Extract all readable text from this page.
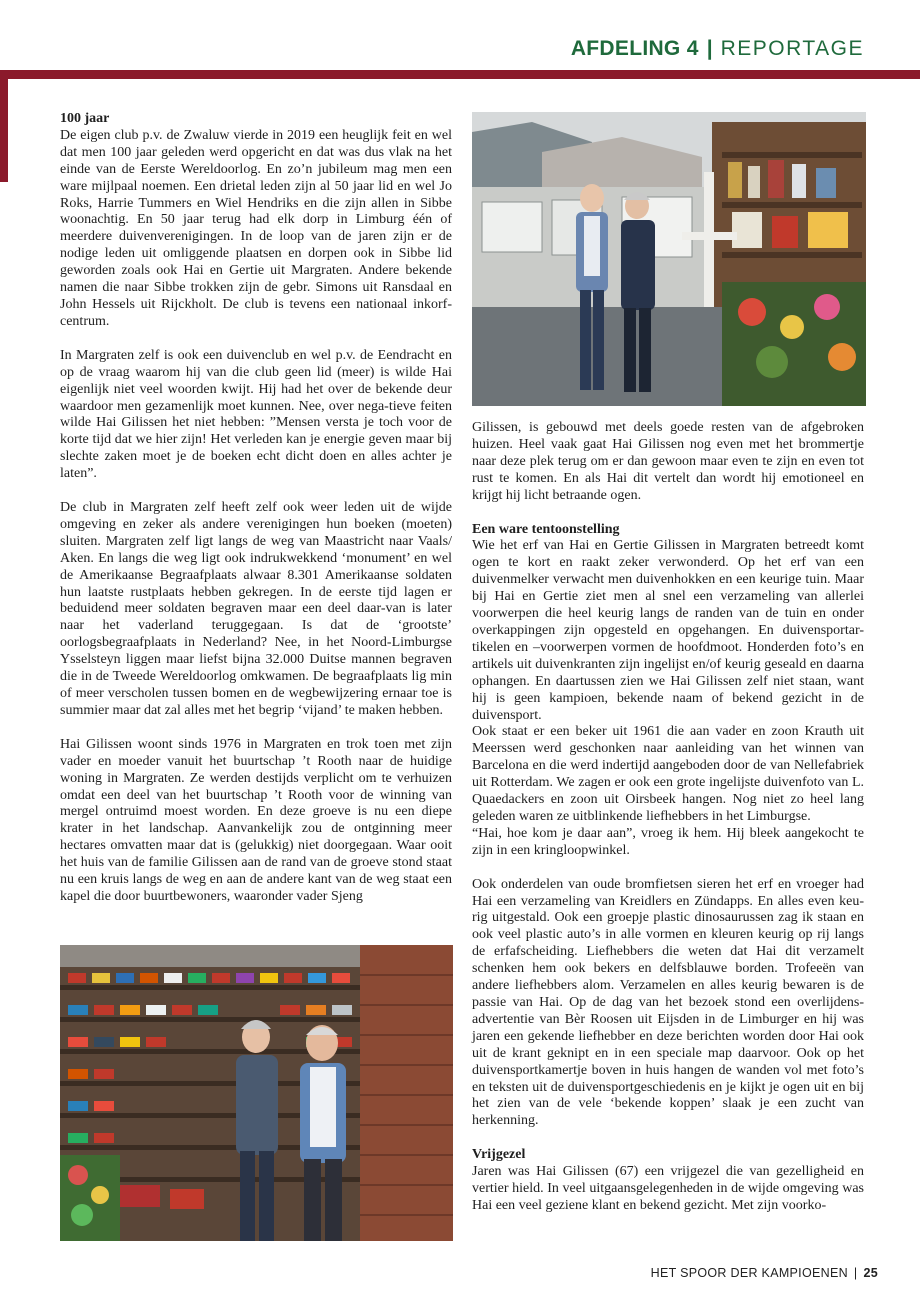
AFDELING 4 | REPORTAGE

100 jaar

De eigen club p.v. de Zwaluw vierde in 2019 een heuglijk feit en wel dat men 100 jaar geleden werd opgericht en dat was dus vlak na het einde van de Eerste Wereldoorlog. En zo’n jubileum mag men een ware mijlpaal noemen. Een drietal leden zijn al 50 jaar lid en wel Jo Roks, Harrie Tummers en Wiel Hendriks en die zijn allen in Sibbe woonachtig. En 50 jaar terug had elk dorp in Limburg één of meerdere duivenverenigingen. In de loop van de jaren zijn er de nodige leden uit omliggende plaatsen en dorpen ook in Sibbe lid geworden zoals ook Hai en Gertie uit Margraten. Andere bekende namen die naar Sibbe trokken zijn de gebr. Simons uit Ransdaal en John Hessels uit Rijckholt. De club is tevens een nationaal inkorf-centrum.

In Margraten zelf is ook een duivenclub en wel p.v. de Eendracht en op de vraag waarom hij van die club geen lid (meer) is wilde Hai eigenlijk niet veel woorden kwijt. Hij had het over de bekende deur waardoor men gezamenlijk moet kunnen. Nee, over nega-tieve feiten wilde Hai Gilissen het niet hebben: ”Mensen versta je toch voor de korte tijd dat we hier zijn! Het verleden kan je energie geven maar bij slechte zaken moet je de boeken echt dicht doen en alles achter je laten”.

De club in Margraten zelf heeft zelf ook weer leden uit de wijde omgeving en zeker als andere verenigingen hun boeken (moeten) sluiten. Margraten zelf ligt langs de weg van Maastricht naar Vaals/ Aken. En langs die weg ligt ook indrukwekkend ‘monument’ en wel de Amerikaanse Begraafplaats alwaar 8.301 Amerikaanse soldaten hun laatste rustplaats hebben gekregen. In de eerste tijd lagen er beduidend meer soldaten begraven maar een deel daar-van is later naar het vaderland teruggegaan. Is dat de ‘grootste’ oorlogsbegraafplaats in Nederland? Nee, in het Noord-Limburgse Ysselsteyn liggen maar liefst bijna 32.000 Duitse mannen begraven die in de Tweede Wereldoorlog omkwamen. De begraafplaats lig min of meer verscholen tussen bomen en de wegbewijzering ernaar toe is summier maar dat zal alles met het begrip ‘vijand’ te maken hebben.

Hai Gilissen woont sinds 1976 in Margraten en trok toen met zijn vader en moeder vanuit het buurtschap ’t Rooth naar de huidige woning in Margraten. Ze werden destijds verplicht om te verhuizen omdat een deel van het buurtschap ’t Rooth voor de winning van mergel ontruimd moest worden. En deze groeve is nu een diepe krater in het landschap. Aanvankelijk zou de ontginning meer hectares omvatten maar dat is (gelukkig) niet doorgegaan. Waar ooit het huis van de familie Gilissen aan de rand van de groeve stond staat nu een kruis langs de weg en aan de andere kant van de weg staat een kapel die door buurtbewoners, waaronder vader Sjeng

Gilissen, is gebouwd met deels goede resten van de afgebroken huizen. Heel vaak gaat Hai Gilissen nog even met het brommertje naar deze plek terug om er dan gewoon maar even te zijn en even tot rust te komen. En als Hai dit vertelt dan wordt hij emotioneel en krijgt hij licht betraande ogen.

Een ware tentoonstelling

Wie het erf van Hai en Gertie Gilissen in Margraten betreedt komt ogen te kort en raakt zeker verwonderd. Op het erf van een duivenmelker verwacht men duivenhokken en een keurige tuin. Maar bij Hai en Gertie ziet men al snel een verzameling van allerlei voorwerpen die heel keurig langs de randen van de tuin en onder overkappingen zijn opgesteld en opgehangen. En duivensportar-tikelen en –voorwerpen vormen de hoofdmoot. Honderden foto’s en artikels uit duivenkranten zijn ingelijst en/of keurig geseald en daarna ophangen. En daartussen zien we Hai Gilissen zelf niet staan, want hij is geen kampioen, bekende naam of bekend gezicht in de duivensport.

Ook staat er een beker uit 1961 die aan vader en zoon Krauth uit Meerssen werd geschonken naar aanleiding van het winnen van Barcelona en die werd indertijd aangeboden door de van Nellefabriek uit Rotterdam. We zagen er ook een grote ingelijste duivenfoto van L. Quaedackers en zoon uit Oirsbeek hangen. Nog niet zo heel lang geleden waren ze uitblinkende liefhebbers in het Limburgse.

“Hai, hoe kom je daar aan”, vroeg ik hem. Hij bleek aangekocht te zijn in een kringloopwinkel.

Ook onderdelen van oude bromfietsen sieren het erf en vroeger had Hai een verzameling van Kreidlers en Zündapps. En alles even keu-rig uitgestald. Ook een groepje plastic dinosaurussen zag ik staan en ook veel plastic auto’s in alle vormen en kleuren keurig op rij langs de erfafscheiding. Liefhebbers die weten dat Hai dit verzamelt schenken hem ook bekers en delfsblauwe borden. Trofeeën van andere liefhebbers alom. Verzamelen en alles keurig bewaren is de passie van Hai. Op de dag van het bezoek stond een overlijdens-advertentie van Bèr Roosen uit Eijsden in de Limburger en hij was jaren een gekende liefhebber en deze berichten worden door Hai ook uit de krant geknipt en in een speciale map daarvoor. Ook op het duivensportkamertje boven in huis hangen de wanden vol met foto’s en teksten uit de duivensportgeschiedenis en je kijkt je ogen uit en bij het zien van de vele ‘bekende koppen’ slaak je een zucht van herkenning.

Vrijgezel

Jaren was Hai Gilissen (67) een vrijgezel die van gezelligheid en vertier hield. In veel uitgaansgelegenheden in de wijde omgeving was Hai een veel geziene klant en bekend gezicht. Met zijn voorko-

HET SPOOR DER KAMPIOENEN | 25
